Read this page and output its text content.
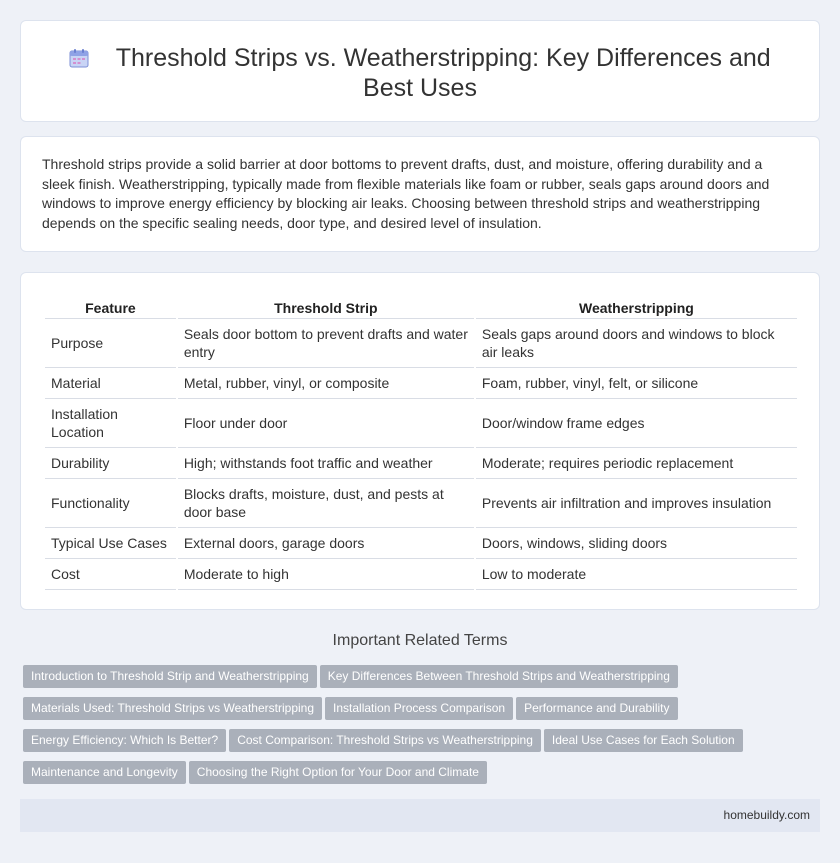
Threshold Strips vs. Weatherstripping: Key Differences and Best Uses

Threshold strips provide a solid barrier at door bottoms to prevent drafts, dust, and moisture, offering durability and a sleek finish. Weatherstripping, typically made from flexible materials like foam or rubber, seals gaps around doors and windows to improve energy efficiency by blocking air leaks. Choosing between threshold strips and weatherstripping depends on the specific sealing needs, door type, and desired level of insulation.

Feature	Threshold Strip	Weatherstripping
Purpose	Seals door bottom to prevent drafts and water entry	Seals gaps around doors and windows to block air leaks
Material	Metal, rubber, vinyl, or composite	Foam, rubber, vinyl, felt, or silicone
Installation Location	Floor under door	Door/window frame edges
Durability	High; withstands foot traffic and weather	Moderate; requires periodic replacement
Functionality	Blocks drafts, moisture, dust, and pests at door base	Prevents air infiltration and improves insulation
Typical Use Cases	External doors, garage doors	Doors, windows, sliding doors
Cost	Moderate to high	Low to moderate
Important Related Terms
Introduction to Threshold Strip and Weatherstripping Key Differences Between Threshold Strips and Weatherstripping
Materials Used: Threshold Strips vs Weatherstripping Installation Process Comparison Performance and Durability
Energy Efficiency: Which Is Better? Cost Comparison: Threshold Strips vs Weatherstripping Ideal Use Cases for Each Solution
Maintenance and Longevity Choosing the Right Option for Your Door and Climate
homebuildy.com
